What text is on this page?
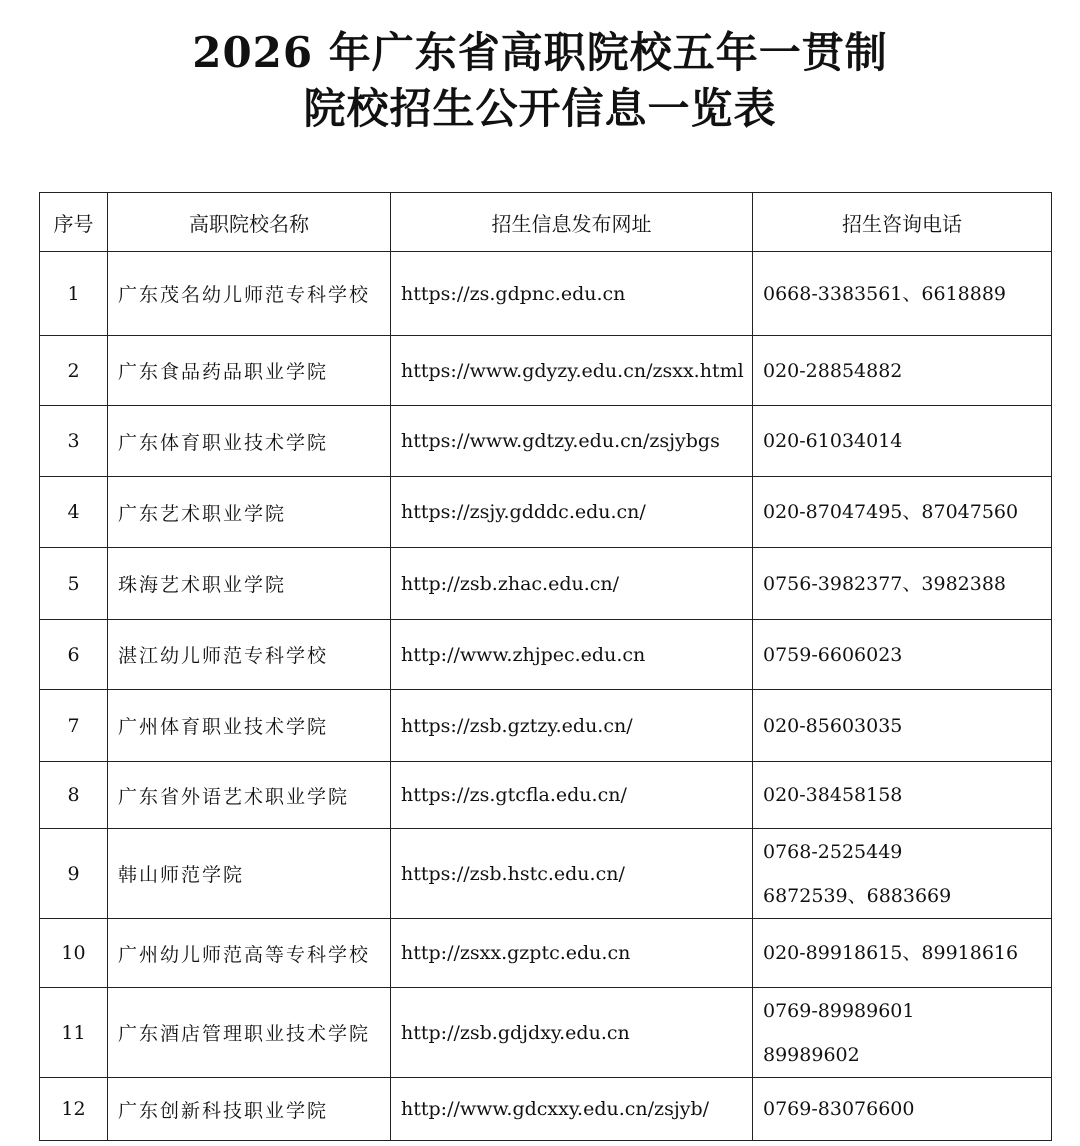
2026 年广东省高职院校五年一贯制
院校招生公开信息一览表
序号	高职院校名称	招生信息发布网址	招生咨询电话
1	广东茂名幼儿师范专科学校	https://zs.gdpnc.edu.cn	0668-3383561、6618889

2	广东食品药品职业学院	https://www.gdyzy.edu.cn/zsxx.html	020-28854882

3	广东体育职业技术学院	https://www.gdtzy.edu.cn/zsjybgs	020-61034014

4	广东艺术职业学院	https://zsjy.gdddc.edu.cn/	020-87047495、87047560

5	珠海艺术职业学院	http://zsb.zhac.edu.cn/	0756-3982377、3982388

6	湛江幼儿师范专科学校	http://www.zhjpec.edu.cn	0759-6606023

7	广州体育职业技术学院	https://zsb.gztzy.edu.cn/	020-85603035

8	广东省外语艺术职业学院	https://zs.gtcfla.edu.cn/	020-38458158

9	韩山师范学院	https://zsb.hstc.edu.cn/	0768-2525449
6872539、6883669

10	广州幼儿师范高等专科学校	http://zsxx.gzptc.edu.cn	020-89918615、89918616

11	广东酒店管理职业技术学院	http://zsb.gdjdxy.edu.cn	0769-89989601
89989602

12	广东创新科技职业学院	http://www.gdcxxy.edu.cn/zsjyb/	0769-83076600
